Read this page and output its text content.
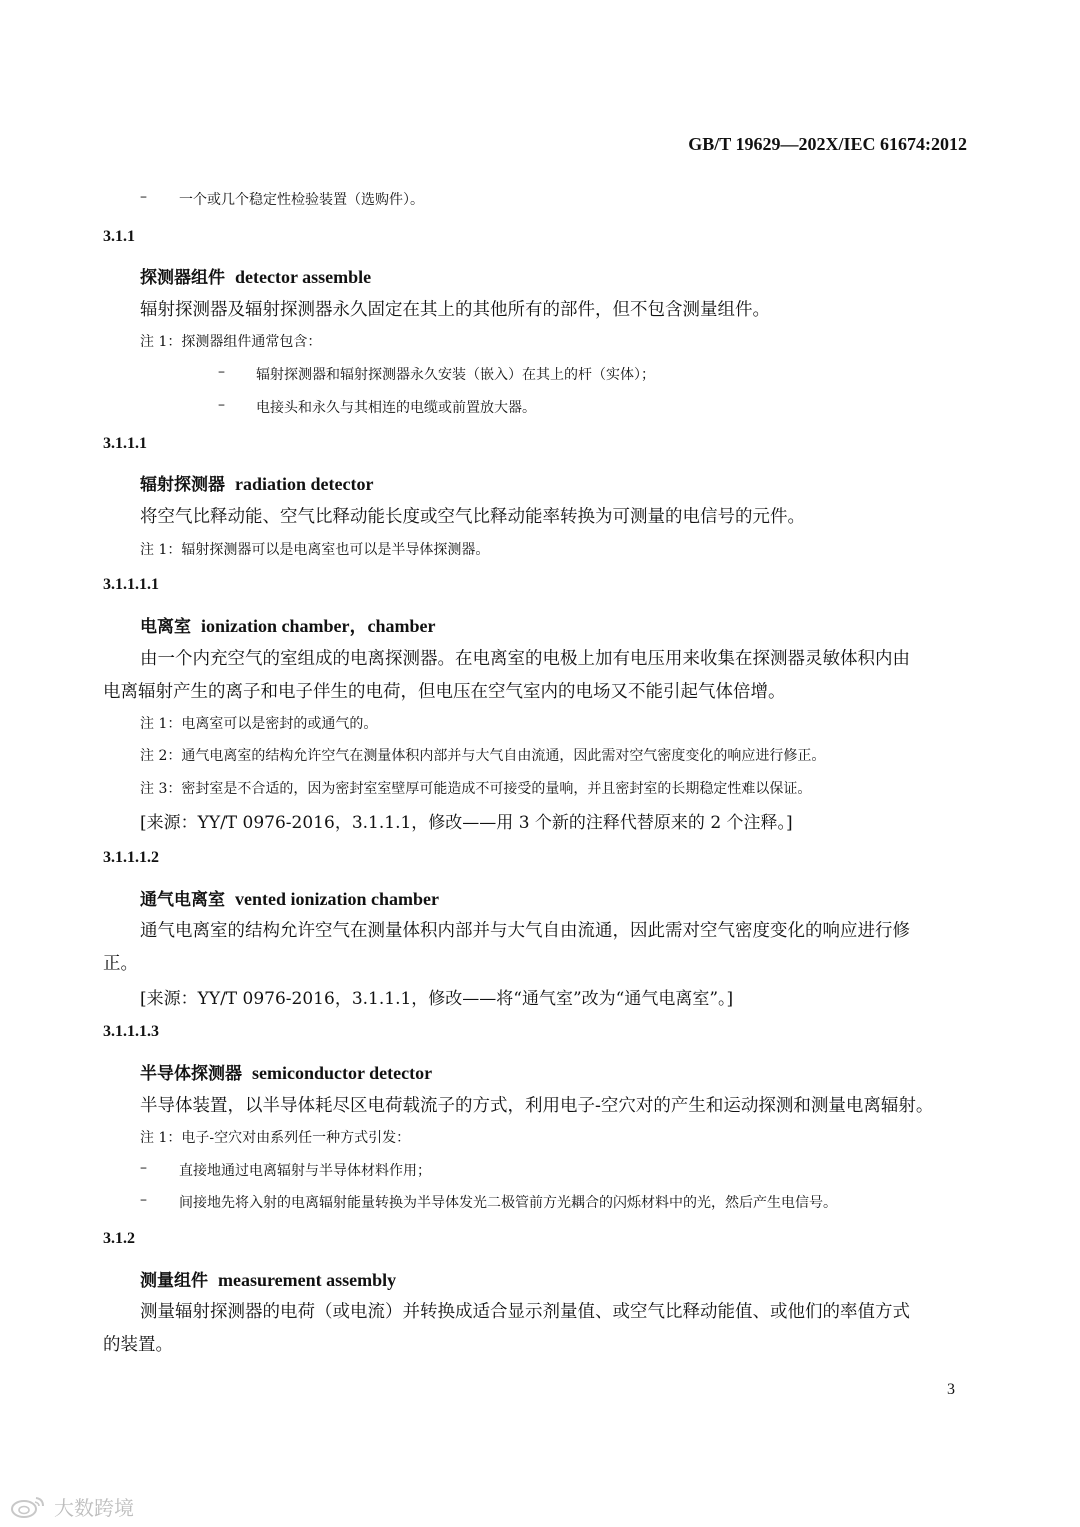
GB/T 19629—202X/IEC 61674:2012
– 一个或几个稳定性检验装置（选购件）。
3.1.1
探测器组件 detector assemble
辐射探测器及辐射探测器永久固定在其上的其他所有的部件，但不包含测量组件。
注 1：探测器组件通常包含：
– 辐射探测器和辐射探测器永久安装（嵌入）在其上的杆（实体）；
– 电接头和永久与其相连的电缆或前置放大器。
3.1.1.1
辐射探测器 radiation detector
将空气比释动能、空气比释动能长度或空气比释动能率转换为可测量的电信号的元件。
注 1：辐射探测器可以是电离室也可以是半导体探测器。
3.1.1.1.1
电离室 ionization chamber，chamber
由一个内充空气的室组成的电离探测器。在电离室的电极上加有电压用来收集在探测器灵敏体积内由
电离辐射产生的离子和电子伴生的电荷，但电压在空气室内的电场又不能引起气体倍增。
注 1：电离室可以是密封的或通气的。
注 2：通气电离室的结构允许空气在测量体积内部并与大气自由流通，因此需对空气密度变化的响应进行修正。
注 3：密封室是不合适的，因为密封室室壁厚可能造成不可接受的量响，并且密封室的长期稳定性难以保证。
[来源：YY/T 0976-2016，3.1.1.1，修改——用 3 个新的注释代替原来的 2 个注释。]
3.1.1.1.2
通气电离室 vented ionization chamber
通气电离室的结构允许空气在测量体积内部并与大气自由流通，因此需对空气密度变化的响应进行修
正。
[来源：YY/T 0976-2016，3.1.1.1，修改——将“通气室”改为“通气电离室”。]
3.1.1.1.3
半导体探测器 semiconductor detector
半导体装置，以半导体耗尽区电荷载流子的方式，利用电子-空穴对的产生和运动探测和测量电离辐射。
注 1：电子-空穴对由系列任一种方式引发：
– 直接地通过电离辐射与半导体材料作用；
– 间接地先将入射的电离辐射能量转换为半导体发光二极管前方光耦合的闪烁材料中的光，然后产生电信号。
3.1.2
测量组件 measurement assembly
测量辐射探测器的电荷（或电流）并转换成适合显示剂量值、或空气比释动能值、或他们的率值方式
的装置。
3
大数跨境
